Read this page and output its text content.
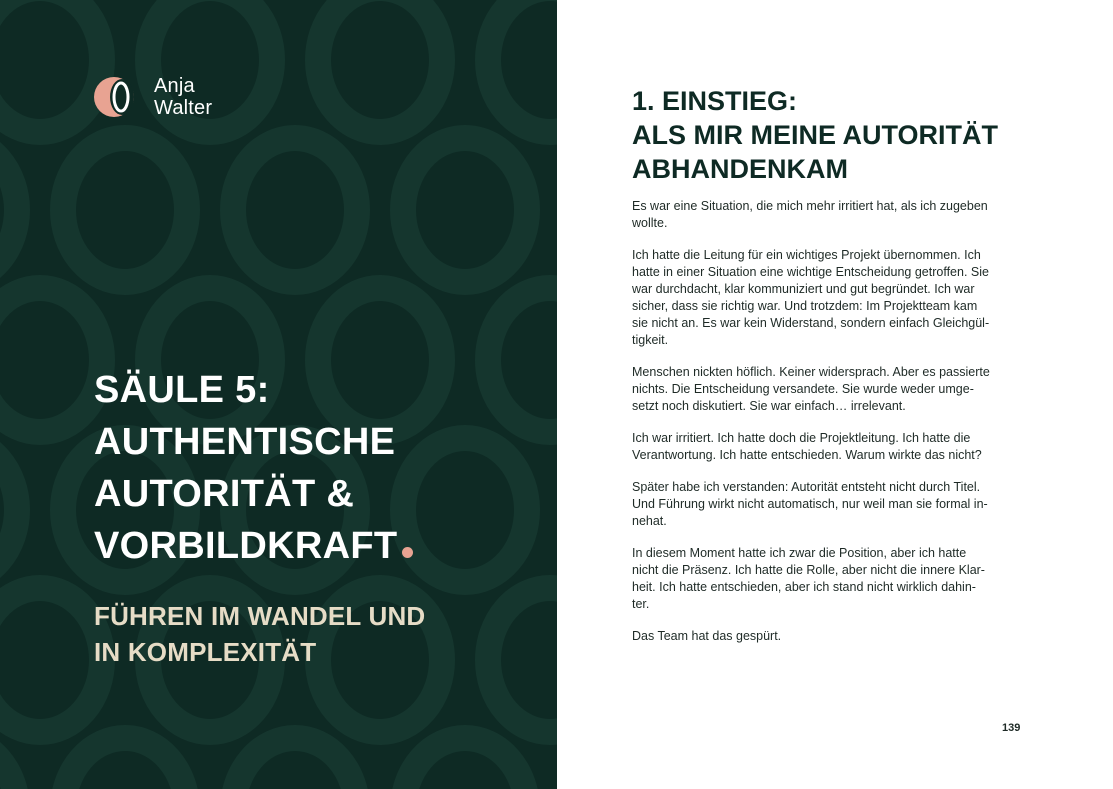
Anja
Walter
SÄULE 5:
AUTHENTISCHE
AUTORITÄT &
VORBILDKRAFT
FÜHREN IM WANDEL UND
IN KOMPLEXITÄT
1. EINSTIEG:
ALS MIR MEINE AUTORITÄT
ABHANDENKAM

Es war eine Situation, die mich mehr irritiert hat, als ich zugeben
wollte.

Ich hatte die Leitung für ein wichtiges Projekt übernommen. Ich
hatte in einer Situation eine wichtige Entscheidung getroffen. Sie
war durchdacht, klar kommuniziert und gut begründet. Ich war
sicher, dass sie richtig war. Und trotzdem: Im Projektteam kam
sie nicht an. Es war kein Widerstand, sondern einfach Gleichgül-
tigkeit.

Menschen nickten höflich. Keiner widersprach. Aber es passierte
nichts. Die Entscheidung versandete. Sie wurde weder umge-
setzt noch diskutiert. Sie war einfach… irrelevant.

Ich war irritiert. Ich hatte doch die Projektleitung. Ich hatte die
Verantwortung. Ich hatte entschieden. Warum wirkte das nicht?

Später habe ich verstanden: Autorität entsteht nicht durch Titel.
Und Führung wirkt nicht automatisch, nur weil man sie formal in-
nehat.

In diesem Moment hatte ich zwar die Position, aber ich hatte
nicht die Präsenz. Ich hatte die Rolle, aber nicht die innere Klar-
heit. Ich hatte entschieden, aber ich stand nicht wirklich dahin-
ter.

Das Team hat das gespürt.

139
